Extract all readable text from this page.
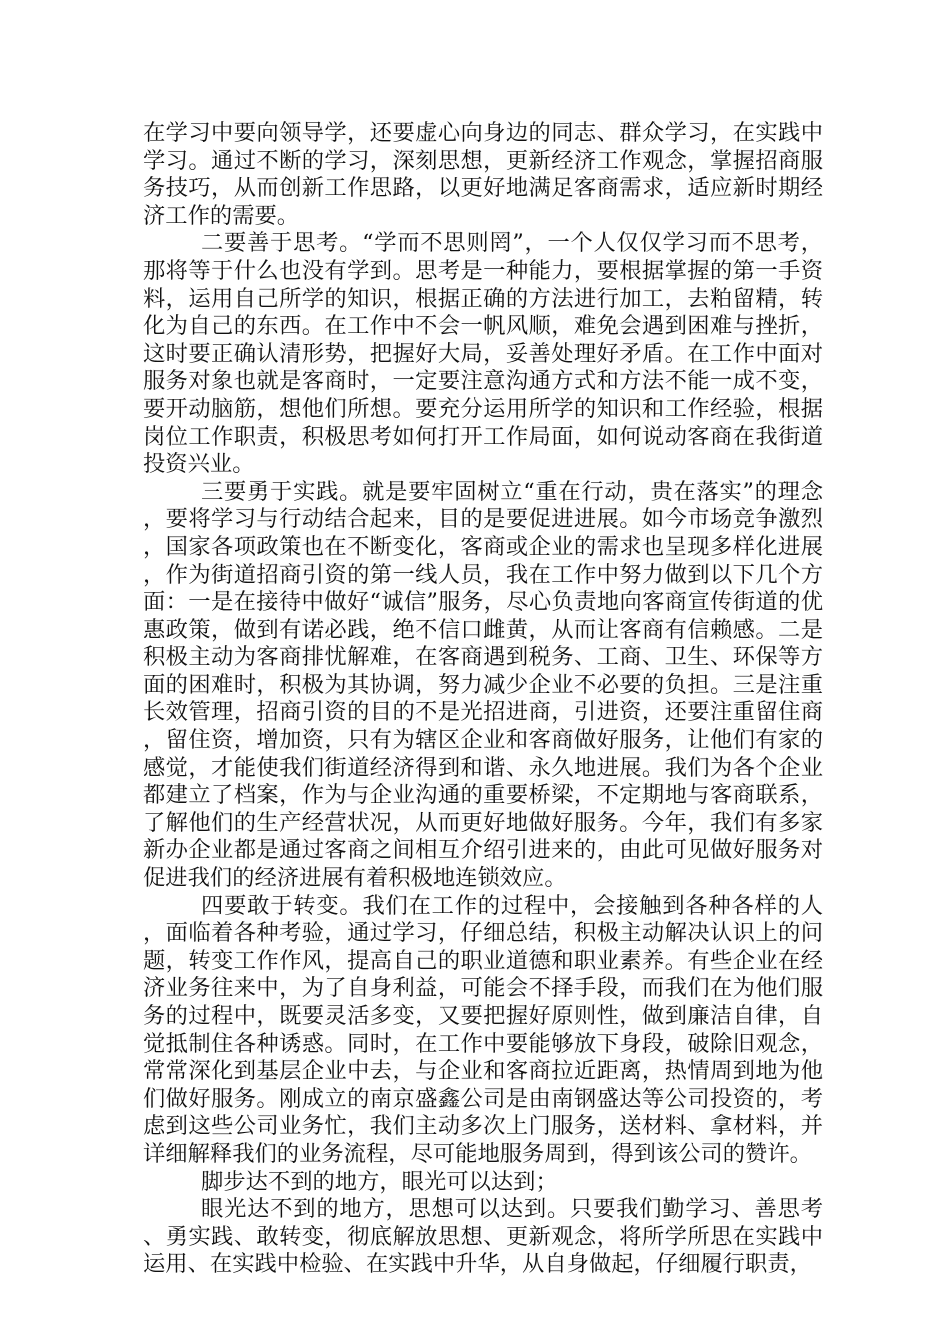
在学习中要向领导学，还要虚心向身边的同志、群众学习，在实践中学习。通过不断的学习，深刻思想，更新经济工作观念，掌握招商服务技巧，从而创新工作思路，以更好地满足客商需求，适应新时期经济工作的需要。

二要善于思考。“学而不思则罔”，一个人仅仅学习而不思考，那将等于什么也没有学到。思考是一种能力，要根据掌握的第一手资料，运用自己所学的知识，根据正确的方法进行加工，去粕留精，转化为自己的东西。在工作中不会一帆风顺，难免会遇到困难与挫折，这时要正确认清形势，把握好大局，妥善处理好矛盾。在工作中面对服务对象也就是客商时，一定要注意沟通方式和方法不能一成不变，要开动脑筋，想他们所想。要充分运用所学的知识和工作经验，根据岗位工作职责，积极思考如何打开工作局面，如何说动客商在我街道投资兴业。

三要勇于实践。就是要牢固树立“重在行动，贵在落实”的理念，要将学习与行动结合起来，目的是要促进进展。如今市场竞争激烈，国家各项政策也在不断变化，客商或企业的需求也呈现多样化进展，作为街道招商引资的第一线人员，我在工作中努力做到以下几个方面：一是在接待中做好“诚信”服务，尽心负责地向客商宣传街道的优惠政策，做到有诺必践，绝不信口雌黄，从而让客商有信赖感。二是积极主动为客商排忧解难，在客商遇到税务、工商、卫生、环保等方面的困难时，积极为其协调，努力减少企业不必要的负担。三是注重长效管理，招商引资的目的不是光招进商，引进资，还要注重留住商，留住资，增加资，只有为辖区企业和客商做好服务，让他们有家的感觉，才能使我们街道经济得到和谐、永久地进展。我们为各个企业都建立了档案，作为与企业沟通的重要桥梁，不定期地与客商联系，了解他们的生产经营状况，从而更好地做好服务。今年，我们有多家新办企业都是通过客商之间相互介绍引进来的，由此可见做好服务对促进我们的经济进展有着积极地连锁效应。

四要敢于转变。我们在工作的过程中，会接触到各种各样的人，面临着各种考验，通过学习，仔细总结，积极主动解决认识上的问题，转变工作作风，提高自己的职业道德和职业素养。有些企业在经济业务往来中，为了自身利益，可能会不择手段，而我们在为他们服务的过程中，既要灵活多变，又要把握好原则性，做到廉洁自律，自觉抵制住各种诱惑。同时，在工作中要能够放下身段，破除旧观念，常常深化到基层企业中去，与企业和客商拉近距离，热情周到地为他们做好服务。刚成立的南京盛鑫公司是由南钢盛达等公司投资的，考虑到这些公司业务忙，我们主动多次上门服务，送材料、拿材料，并详细解释我们的业务流程，尽可能地服务周到，得到该公司的赞许。

脚步达不到的地方，眼光可以达到；

眼光达不到的地方，思想可以达到。只要我们勤学习、善思考、勇实践、敢转变，彻底解放思想、更新观念，将所学所思在实践中运用、在实践中检验、在实践中升华，从自身做起，仔细履行职责，
